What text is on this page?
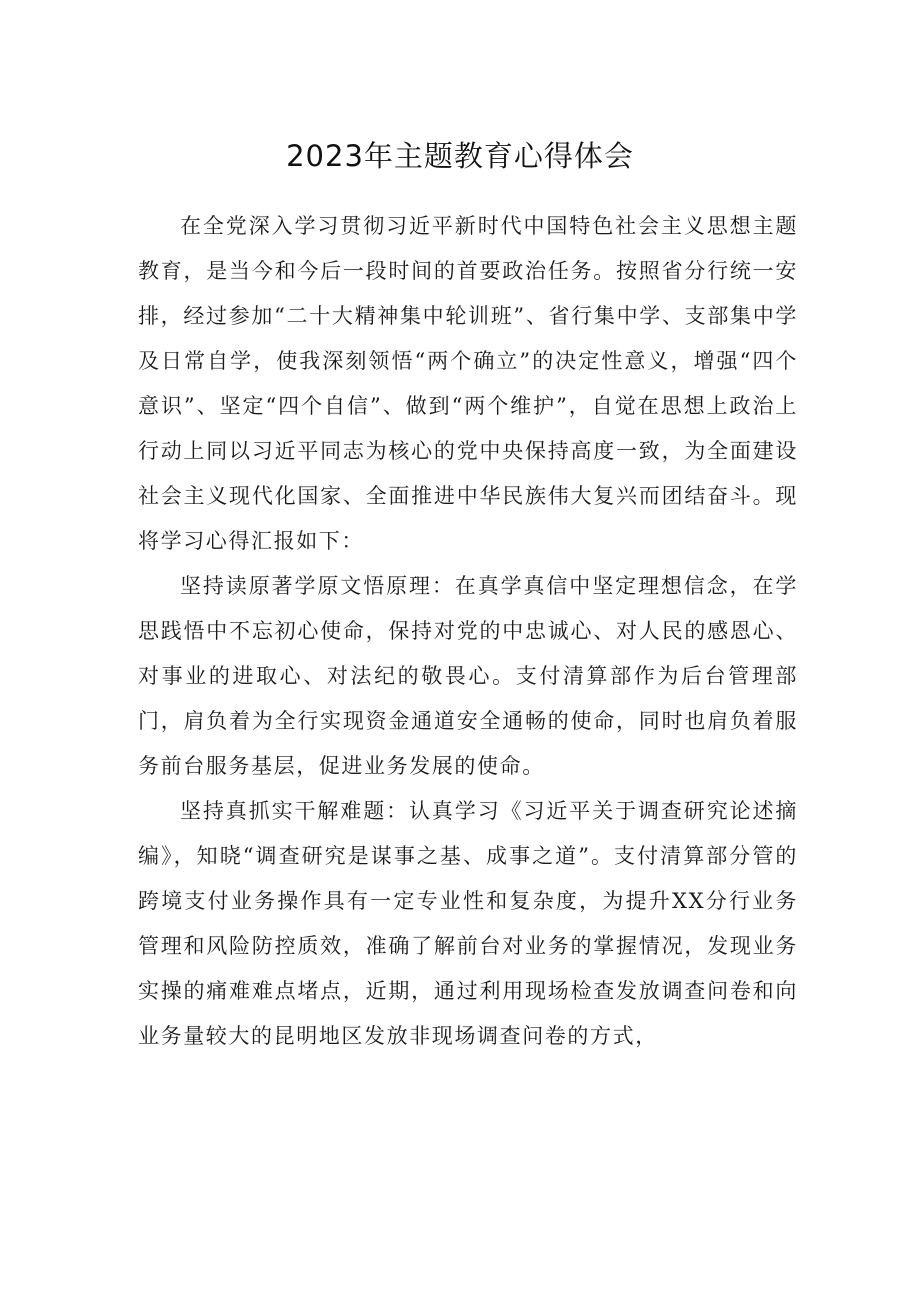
2023年主题教育心得体会

在全党深入学习贯彻习近平新时代中国特色社会主义思想主题教育，是当今和今后一段时间的首要政治任务。按照省分行统一安排，经过参加“二十大精神集中轮训班”、省行集中学、支部集中学及日常自学，使我深刻领悟“两个确立”的决定性意义，增强“四个意识”、坚定“四个自信”、做到“两个维护”，自觉在思想上政治上行动上同以习近平同志为核心的党中央保持高度一致，为全面建设社会主义现代化国家、全面推进中华民族伟大复兴而团结奋斗。现将学习心得汇报如下：

坚持读原著学原文悟原理：在真学真信中坚定理想信念，在学思践悟中不忘初心使命，保持对党的中忠诚心、对人民的感恩心、对事业的进取心、对法纪的敬畏心。支付清算部作为后台管理部门，肩负着为全行实现资金通道安全通畅的使命，同时也肩负着服务前台服务基层，促进业务发展的使命。

坚持真抓实干解难题：认真学习《习近平关于调查研究论述摘编》，知晓“调查研究是谋事之基、成事之道”。支付清算部分管的跨境支付业务操作具有一定专业性和复杂度，为提升XX分行业务管理和风险防控质效，准确了解前台对业务的掌握情况，发现业务实操的痛难难点堵点，近期，通过利用现场检查发放调查问卷和向业务量较大的昆明地区发放非现场调查问卷的方式，
